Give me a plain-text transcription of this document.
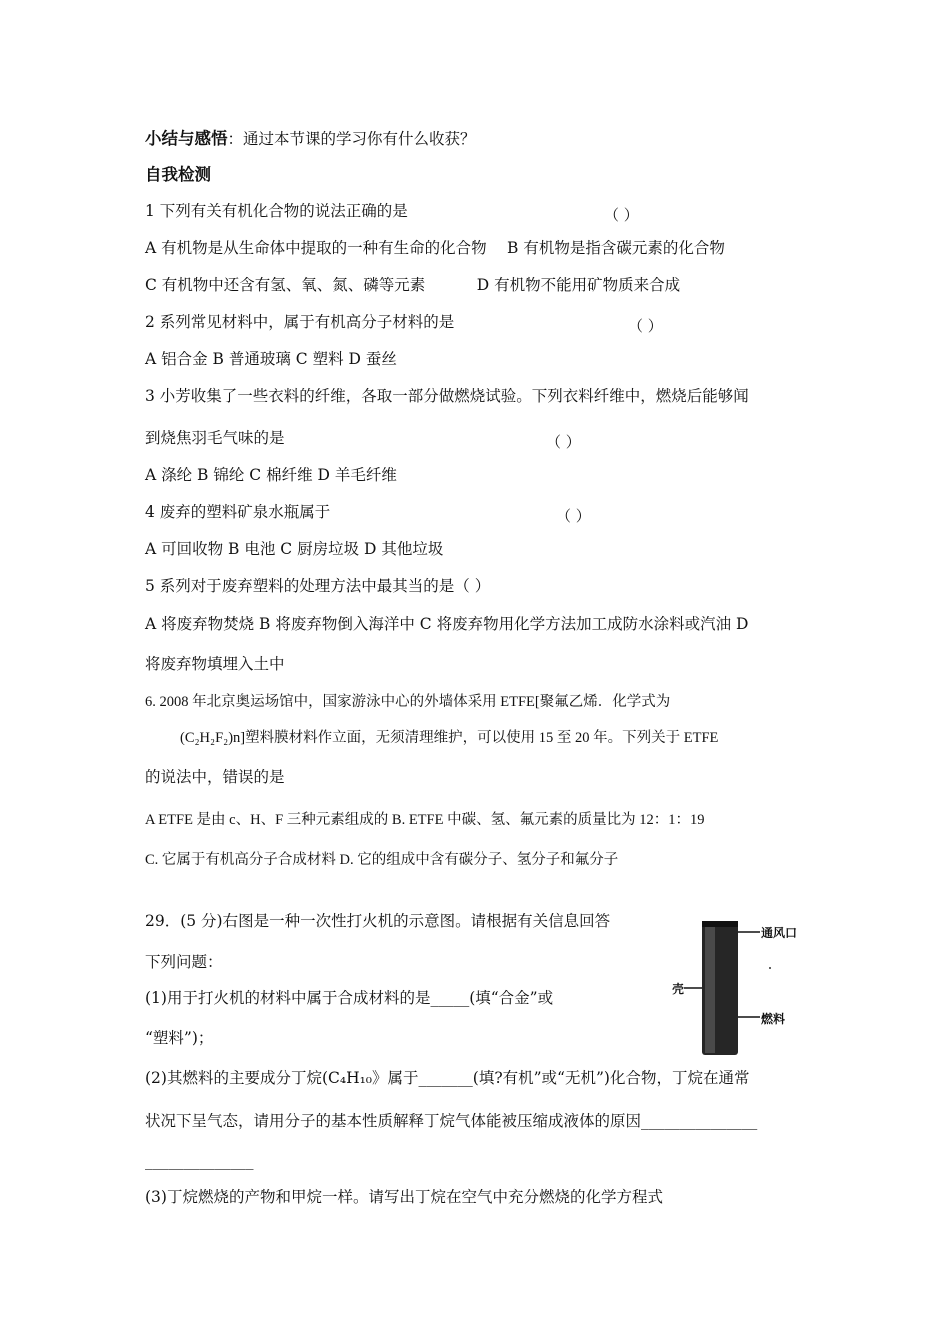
小结与感悟：通过本节课的学习你有什么收获？
自我检测
1 下列有关有机化合物的说法正确的是	（ ）
A 有机物是从生命体中提取的一种有生命的化合物　 B 有机物是指含碳元素的化合物
C 有机物中还含有氢、氧、氮、磷等元素　　　 D 有机物不能用矿物质来合成
2 系列常见材料中，属于有机高分子材料的是	（ ）
A 铝合金 B 普通玻璃 C 塑料 D 蚕丝
3 小芳收集了一些衣料的纤维，各取一部分做燃烧试验。下列衣料纤维中，燃烧后能够闻
到烧焦羽毛气味的是	（ ）
A 涤纶 B 锦纶 C 棉纤维 D 羊毛纤维
4 废弃的塑料矿泉水瓶属于	（ ）
A 可回收物 B 电池 C 厨房垃圾 D 其他垃圾
5 系列对于废弃塑料的处理方法中最其当的是（ ）
A 将废弃物焚烧 B 将废弃物倒入海洋中 C 将废弃物用化学方法加工成防水涂料或汽油 D
将废弃物填埋入土中
6. 2008 年北京奥运场馆中，国家游泳中心的外墙体采用 ETFE[聚氟乙烯．化学式为
(C₂H₂F₂)n]塑料膜材料作立面，无须清理维护，可以使用 15 至 20 年。下列关于 ETFE
的说法中，错误的是
A ETFE 是由 c、H、F 三种元素组成的 B. ETFE 中碳、氢、氟元素的质量比为 12：1：19
C. 它属于有机高分子合成材料 D. 它的组成中含有碳分子、氢分子和氟分子
29．(5 分)右图是一种一次性打火机的示意图。请根据有关信息回答
下列问题：
(1)用于打火机的材料中属于合成材料的是_____(填“合金”或
“塑料”)；
(2)其燃料的主要成分丁烷(C₄H₁₀》属于_______(填?有机”或“无机”)化合物，丁烷在通常
状况下呈气态，请用分子的基本性质解释丁烷气体能被压缩成液体的原因_______________
______________
(3)丁烷燃烧的产物和甲烷一样。请写出丁烷在空气中充分燃烧的化学方程式
通风口
壳
燃料
